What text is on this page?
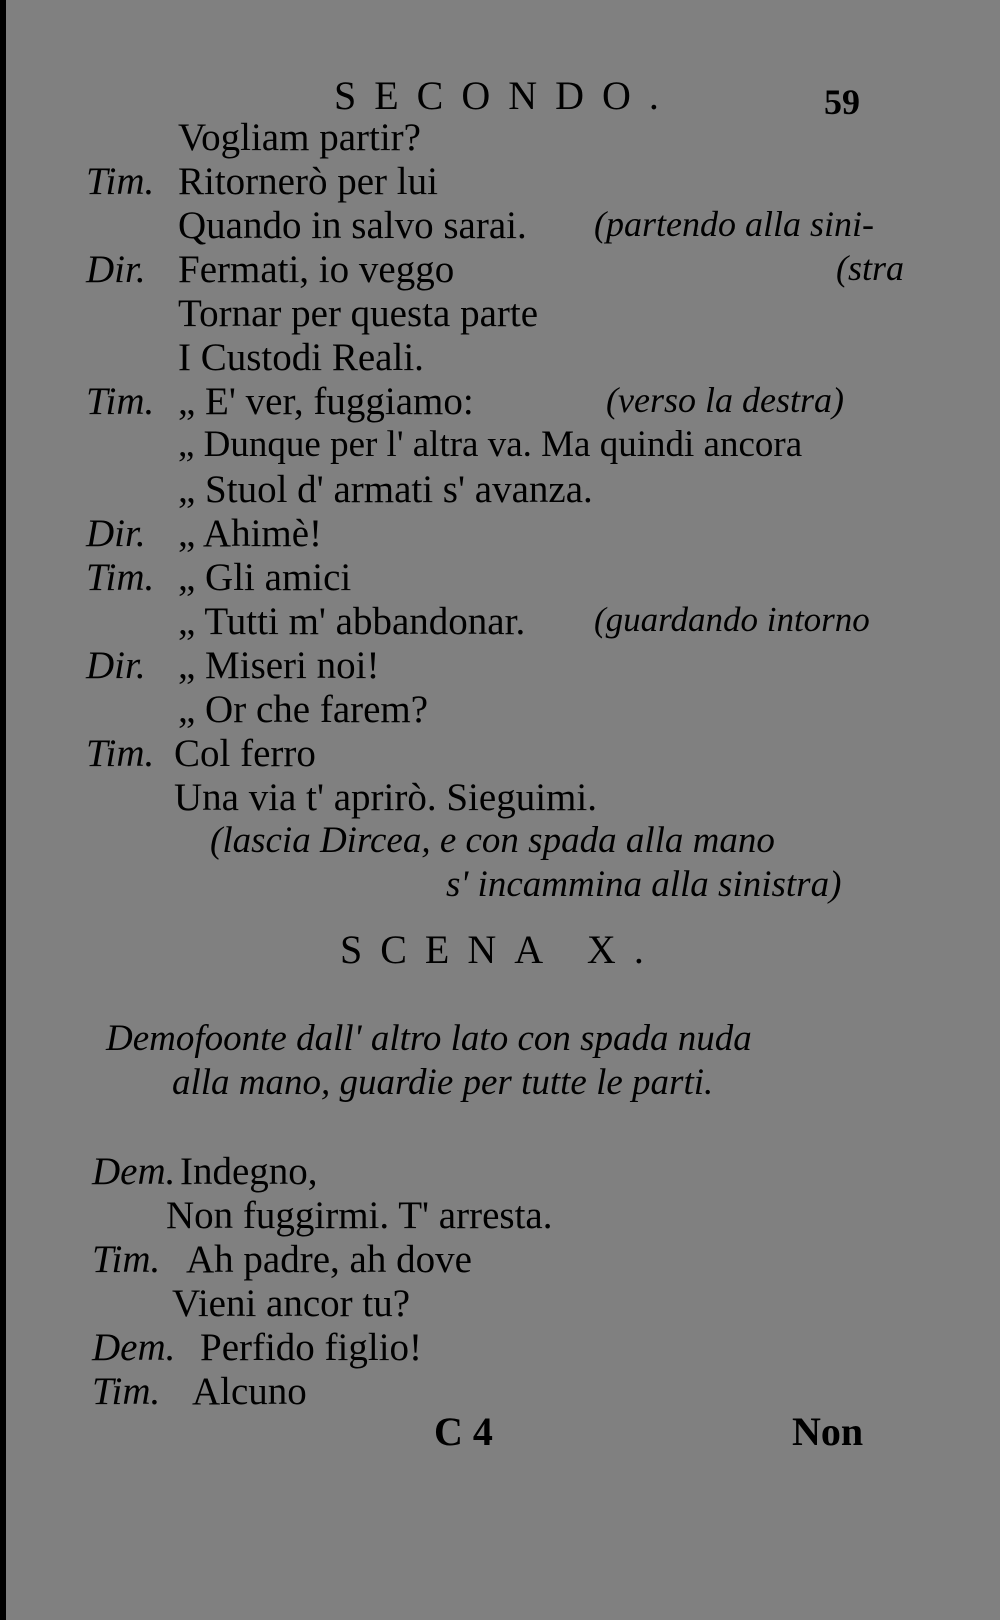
SECONDO.	59
Vogliam partir?
Tim. Ritornerò per lui
Quando in salvo sarai. (partendo alla sini-
Dir. Fermati, io veggo	(stra
Tornar per questa parte
I Custodi Reali.
Tim. „ E' ver, fuggiamo:	(verso la destra)
„ Dunque per l' altra va. Ma quindi ancora
„ Stuol d' armati s' avanza.
Dir. „ Ahimè!
Tim. „ Gli amici
„ Tutti m' abbandonar. (guardando intorno
Dir. „ Miseri noi!
„ Or che farem?
Tim. Col ferro
Una via t' aprirò. Sieguimi.
(lascia Dircea, e con spada alla mano
s' incammina alla sinistra)
SCENA X.
Demofoonte dall' altro lato con spada nuda
alla mano, guardie per tutte le parti.
Dem. Indegno,
Non fuggirmi. T' arresta.
Tim. Ah padre, ah dove
Vieni ancor tu?
Dem. Perfido figlio!
Tim. Alcuno
C 4	Non
